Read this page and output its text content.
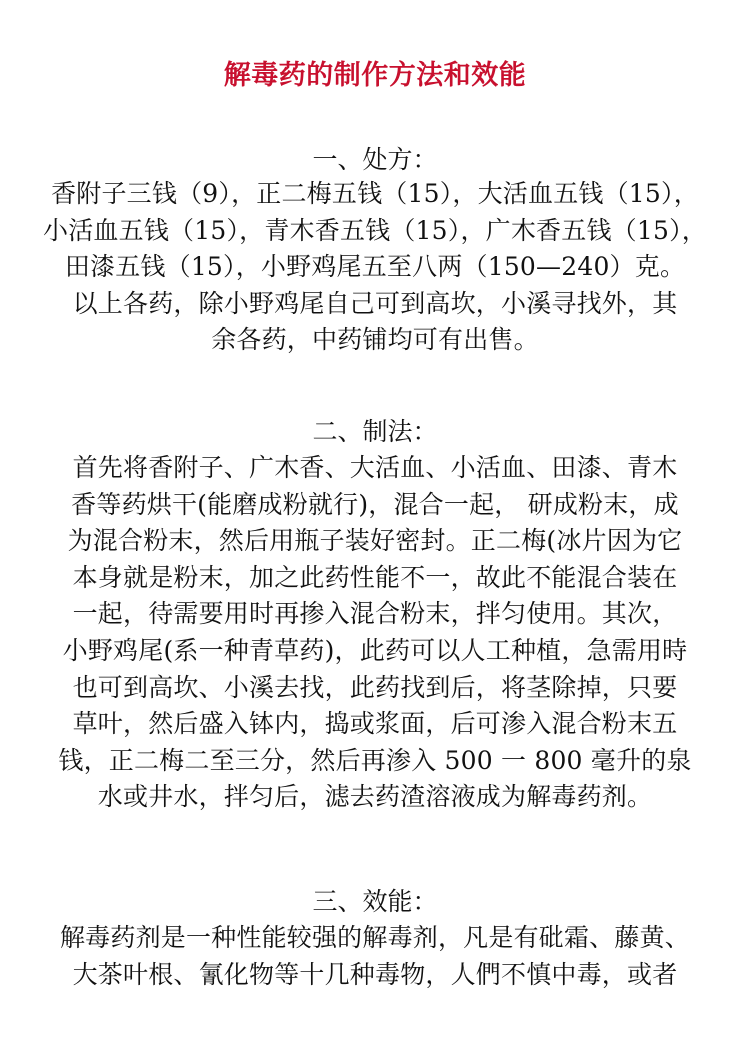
解毒药的制作方法和效能
一、处方：
香附子三钱（9），正二梅五钱（15），大活血五钱（15），
小活血五钱（15），青木香五钱（15），广木香五钱（15），
田漆五钱（15），小野鸡尾五至八两（150—240）克。
以上各药，除小野鸡尾自己可到高坎，小溪寻找外，其
余各药，中药铺均可有出售。
二、制法：
首先将香附子、广木香、大活血、小活血、田漆、青木
香等药烘干(能磨成粉就行)，混合一起， 研成粉末，成
为混合粉末，然后用瓶子装好密封。正二梅(冰片因为它
本身就是粉末，加之此药性能不一，故此不能混合装在
一起，待需要用时再掺入混合粉末，拌匀使用。其次，
小野鸡尾(系一种青草药)，此药可以人工种植，急需用時
也可到高坎、小溪去找，此药找到后，将茎除掉，只要
草叶，然后盛入钵内，捣或浆面，后可渗入混合粉末五
钱，正二梅二至三分，然后再渗入 500 一 800 毫升的泉
水或井水，拌匀后，滤去药渣溶液成为解毒药剂。
三、效能：
解毒药剂是一种性能较强的解毒剂，凡是有砒霜、藤黄、
大茶叶根、氰化物等十几种毒物，人們不慎中毒，或者
